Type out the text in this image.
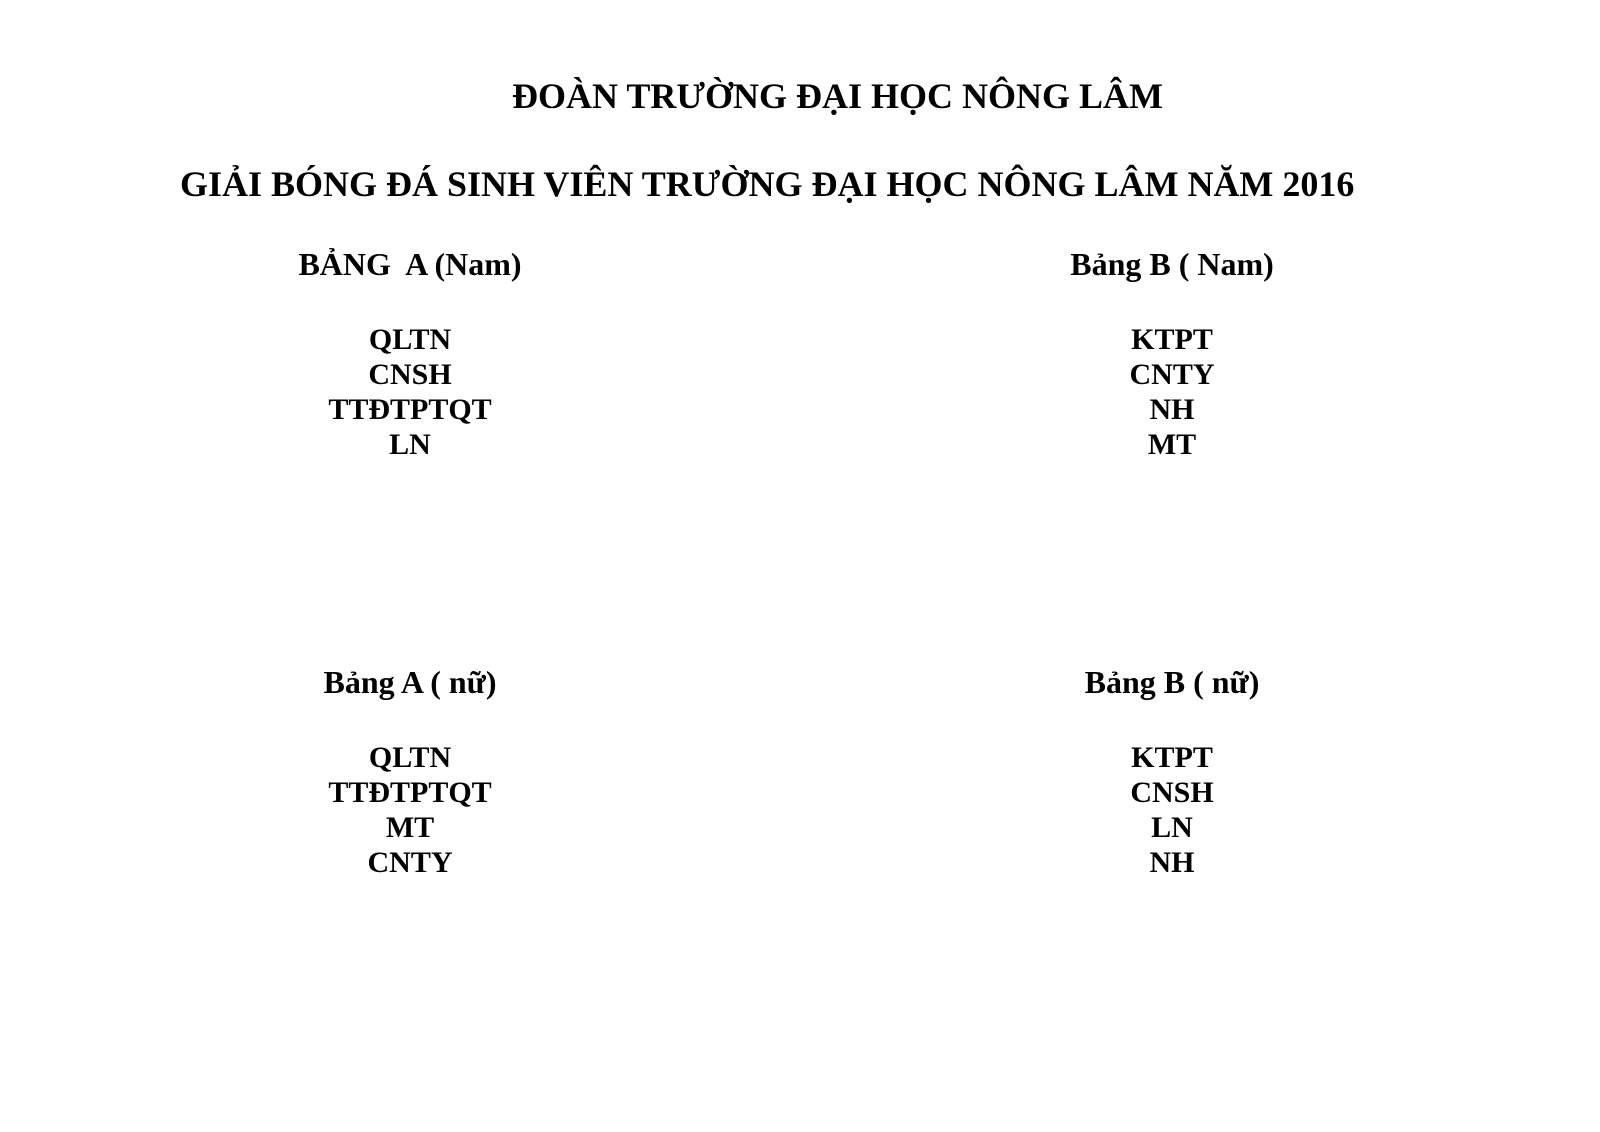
ĐOÀN TRƯỜNG ĐẠI HỌC NÔNG LÂM
GIẢI BÓNG ĐÁ SINH VIÊN TRƯỜNG ĐẠI HỌC NÔNG LÂM NĂM 2016
BẢNG  A (Nam)
QLTN
CNSH
TTĐTPTQT
LN
Bảng B ( Nam)
KTPT
CNTY
NH
MT
Bảng A ( nữ)
QLTN
TTĐTPTQT
MT
CNTY
Bảng B ( nữ)
KTPT
CNSH
LN
NH
